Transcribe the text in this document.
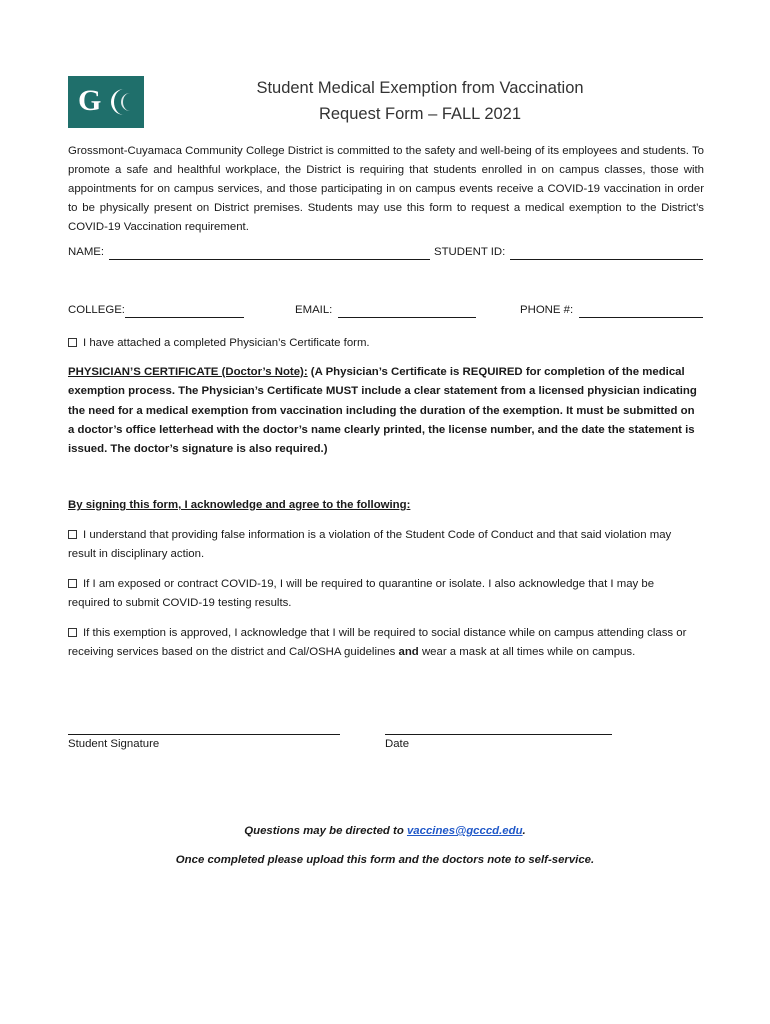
G	Student Medical Exemption from Vaccination
Request Form – FALL 2021
Grossmont-Cuyamaca Community College District is committed to the safety and well-being of its employees and students. To promote a safe and healthful workplace, the District is requiring that students enrolled in on campus classes, those with appointments for on campus services, and those participating in on campus events receive a COVID-19 vaccination in order to be physically present on District premises. Students may use this form to request a medical exemption to the District’s COVID-19 Vaccination requirement.
NAME:	STUDENT ID:
COLLEGE:	EMAIL:	PHONE #:
I have attached a completed Physician’s Certificate form.
PHYSICIAN’S CERTIFICATE (Doctor’s Note): (A Physician’s Certificate is REQUIRED for completion of the medical exemption process. The Physician’s Certificate MUST include a clear statement from a licensed physician indicating the need for a medical exemption from vaccination including the duration of the exemption. It must be submitted on a doctor’s office letterhead with the doctor’s name clearly printed, the license number, and the date the statement is issued. The doctor’s signature is also required.)
By signing this form, I acknowledge and agree to the following:
I understand that providing false information is a violation of the Student Code of Conduct and that said violation may result in disciplinary action.
If I am exposed or contract COVID-19, I will be required to quarantine or isolate. I also acknowledge that I may be required to submit COVID-19 testing results.
If this exemption is approved, I acknowledge that I will be required to social distance while on campus attending class or receiving services based on the district and Cal/OSHA guidelines and wear a mask at all times while on campus.
Student Signature	Date
Questions may be directed to vaccines@gcccd.edu.
Once completed please upload this form and the doctors note to self-service.
